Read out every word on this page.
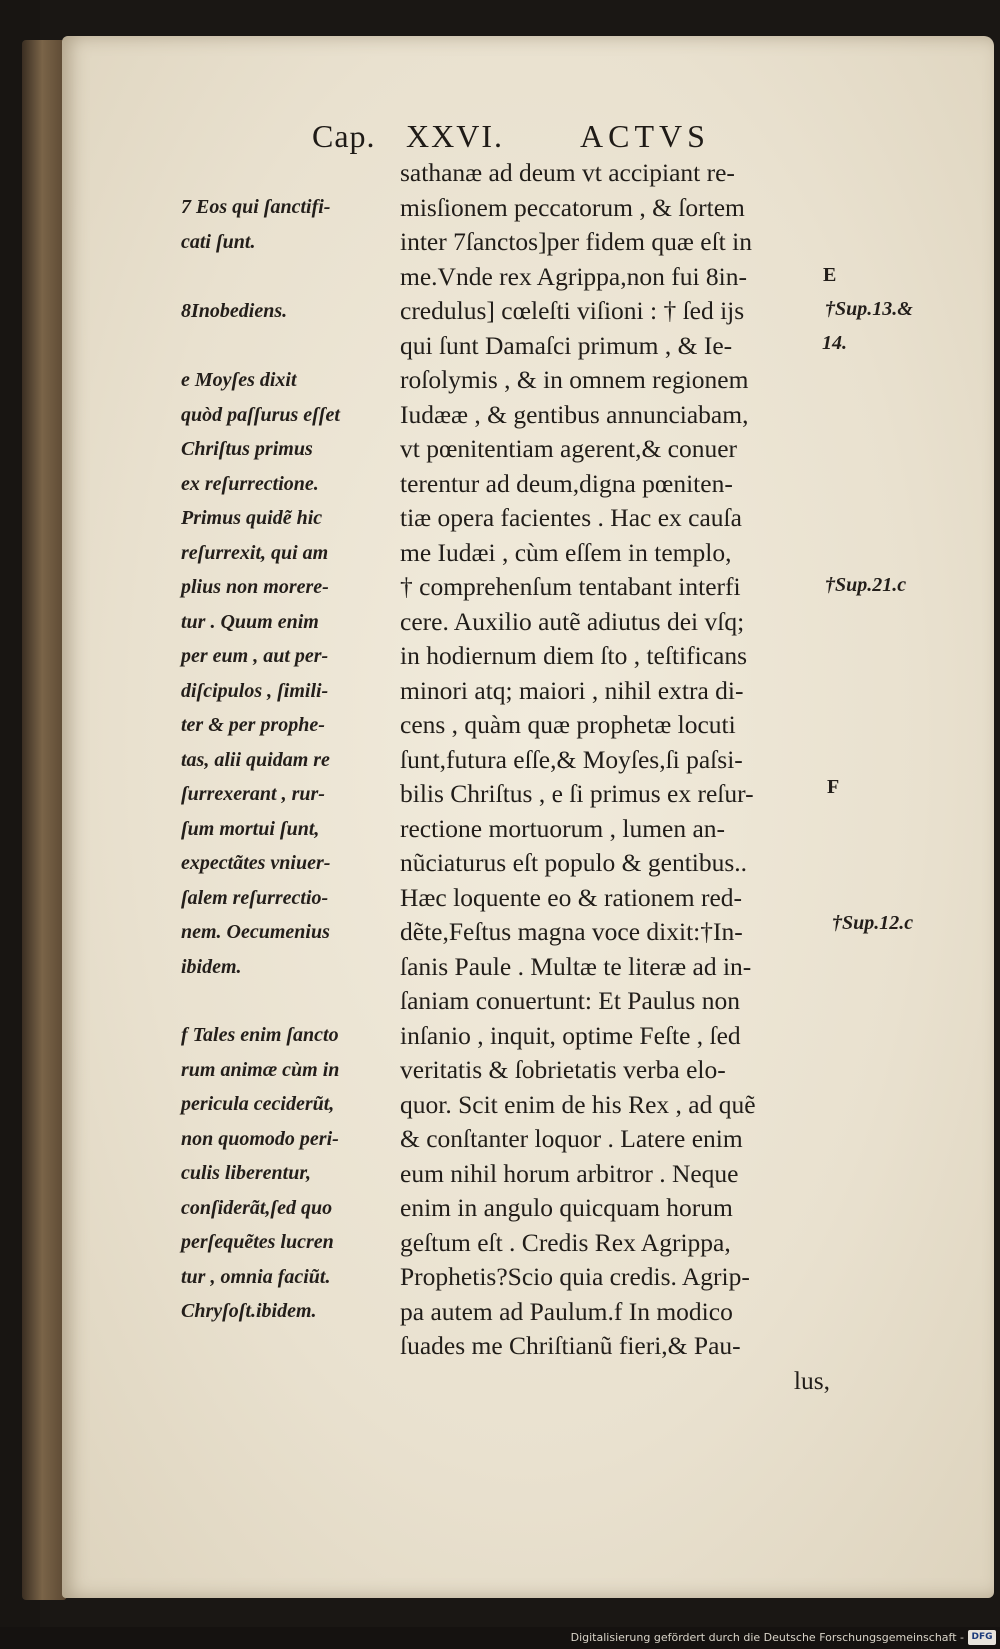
Cap. XXVI. ACTVS
sathanæ ad deum vt accipiant re-
misſionem peccatorum , & ſortem
inter 7ſanctos]per fidem quæ eſt in
me.Vnde rex Agrippa,non fui 8in-
credulus] cœleſti viſioni : † ſed ijs
qui ſunt Damaſci primum , & Ie-
roſolymis , & in omnem regionem
Iudææ , & gentibus annunciabam,
vt pœnitentiam agerent,& conuer
terentur ad deum,digna pœniten-
tiæ opera facientes . Hac ex cauſa
me Iudæi , cùm eſſem in templo,
† comprehenſum tentabant interfi
cere. Auxilio autẽ adiutus dei vſq;
in hodiernum diem ſto , teſtificans
minori atq; maiori , nihil extra di-
cens , quàm quæ prophetæ locuti
ſunt,futura eſſe,& Moyſes,ſi paſsi-
bilis Chriſtus , e ſi primus ex reſur-
rectione mortuorum , lumen an-
nũciaturus eſt populo & gentibus..
Hæc loquente eo & rationem red-
dẽte,Feſtus magna voce dixit:†In-
ſanis Paule . Multæ te literæ ad in-
ſaniam conuertunt: Et Paulus non
inſanio , inquit, optime Feſte , ſed
veritatis & ſobrietatis verba elo-
quor. Scit enim de his Rex , ad quẽ
& conſtanter loquor . Latere enim
eum nihil horum arbitror . Neque
enim in angulo quicquam horum
geſtum eſt . Credis Rex Agrippa,
Prophetis?Scio quia credis. Agrip-
pa autem ad Paulum.f In modico
ſuades me Chriſtianũ fieri,& Pau-
lus,
7 Eos qui ſanctifi-
cati ſunt.
8Inobediens.
e Moyſes dixit
quòd paſſurus eſſet
Chriſtus primus
ex reſurrectione.
Primus quidẽ hic
reſurrexit, qui am
plius non morere-
tur . Quum enim
per eum , aut per-
diſcipulos , ſimili-
ter & per prophe-
tas, alii quidam re
ſurrexerant , rur-
ſum mortui ſunt,
expectãtes vniuer-
ſalem reſurrectio-
nem. Oecumenius
ibidem.
f Tales enim ſancto
rum animæ cùm in
pericula ceciderũt,
non quomodo peri-
culis liberentur,
conſiderãt,ſed quo
perſequẽtes lucren
tur , omnia faciũt.
Chryſoſt.ibidem.
E
†Sup.13.&
14.
†Sup.21.c
F
†Sup.12.c
Digitalisierung gefördert durch die Deutsche Forschungsgemeinschaft - DFG
